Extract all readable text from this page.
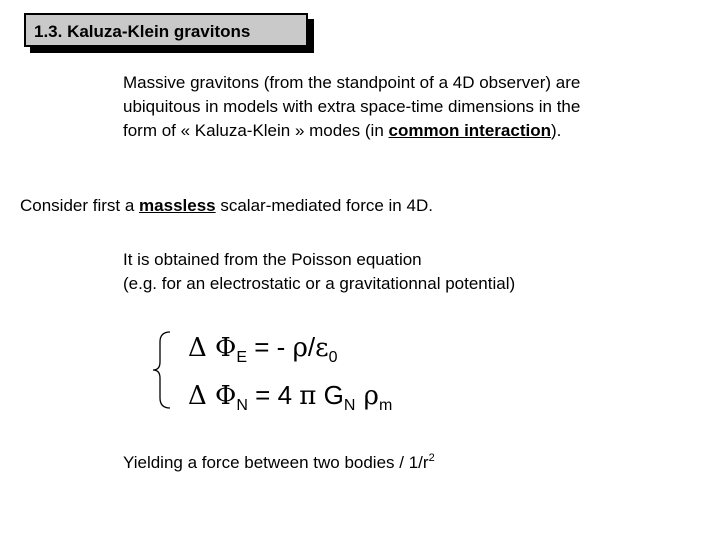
1.3. Kaluza-Klein gravitons
Massive gravitons (from the standpoint of a 4D observer) are
ubiquitous in models with extra space-time dimensions in the
form of « Kaluza-Klein » modes (in common interaction).
Consider first a massless scalar-mediated force in 4D.
It is obtained from the Poisson equation
(e.g. for an electrostatic or a gravitationnal potential)
Δ $\Phi_E$ = - $\rho/\varepsilon_0$
Δ $\Phi_N = 4$ π $G_N$ $\rho_m$
Yielding a force between two bodies / $1/r^2$
